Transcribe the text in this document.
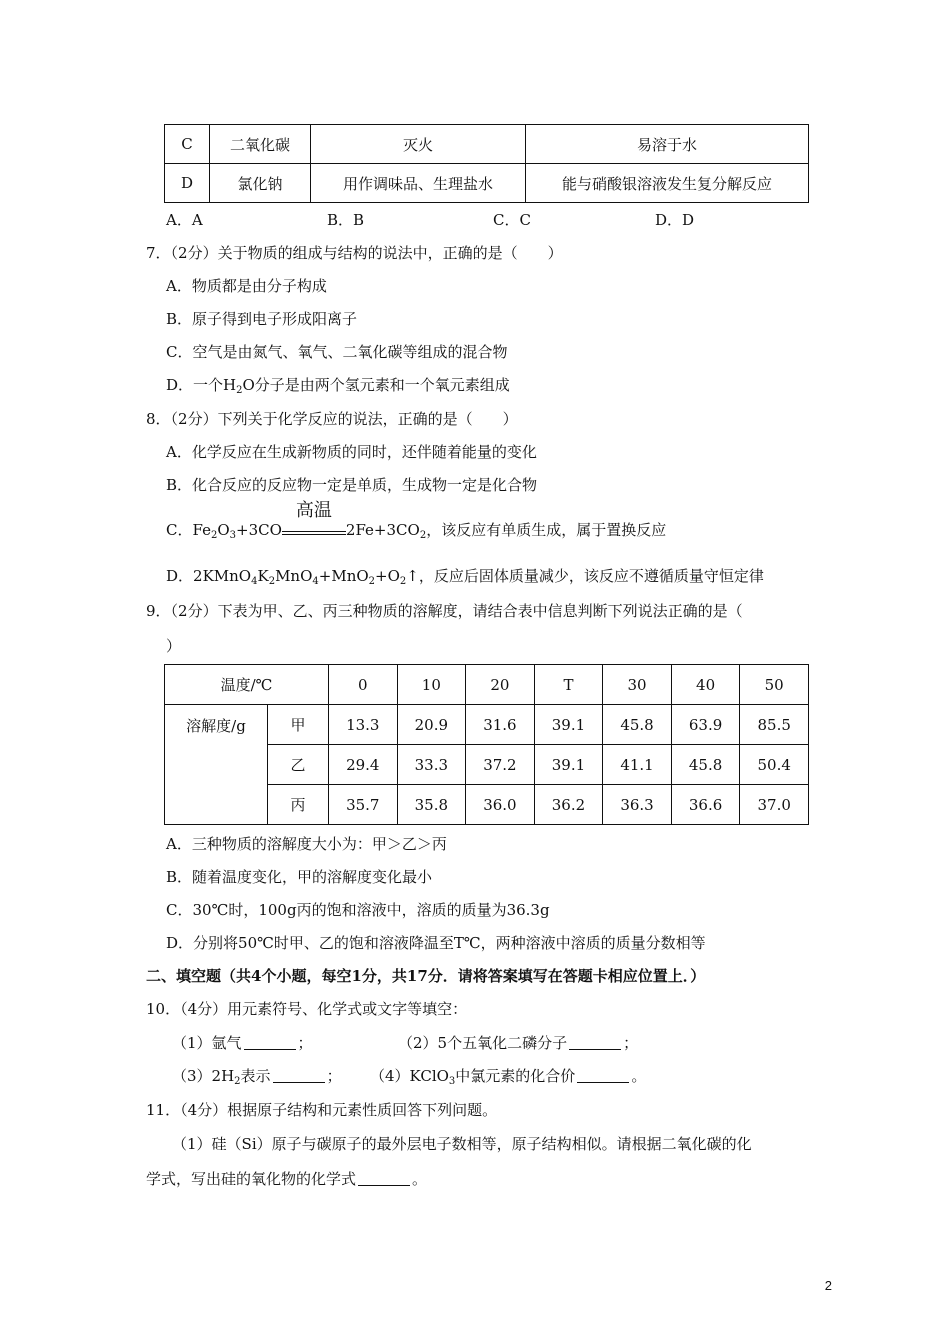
C	二氧化碳	灭火	易溶于水
D	氯化钠	用作调味品、生理盐水	能与硝酸银溶液发生复分解反应
A．A	B．B	C．C	D．D
7．（2分）关于物质的组成与结构的说法中，正确的是（　　）
A．物质都是由分子构成
B．原子得到电子形成阳离子
C．空气是由氮气、氧气、二氧化碳等组成的混合物
D．一个$H_2O$分子是由两个氢元素和一个氧元素组成
8．（2分）下列关于化学反应的说法，正确的是（　　）
A．化学反应在生成新物质的同时，还伴随着能量的变化
B．化合反应的反应物一定是单质，生成物一定是化合物
C．$Fe_2O_3+3CO$
高温
$2Fe+3CO_2$，该反应有单质生成，属于置换反应
D．$2KMnO_4K_2MnO_4+MnO_2+O_2↑$，反应后固体质量减少，该反应不遵循质量守恒定律
9．（2分）下表为甲、乙、丙三种物质的溶解度，请结合表中信息判断下列说法正确的是（
）
温度/℃		0	10	20	T	30	40	50
溶解度/g	甲	13.3	20.9	31.6	39.1	45.8	63.9	85.5
	乙	29.4	33.3	37.2	39.1	41.1	45.8	50.4
	丙	35.7	35.8	36.0	36.2	36.3	36.6	37.0
A．三种物质的溶解度大小为：甲＞乙＞丙
B．随着温度变化，甲的溶解度变化最小
C．30℃时，100g丙的饱和溶液中，溶质的质量为36.3g
D．分别将50℃时甲、乙的饱和溶液降温至T℃，两种溶液中溶质的质量分数相等
二、填空题（共4个小题，每空1分，共17分．请将答案填写在答题卡相应位置上．）
10．（4分）用元素符号、化学式或文字等填空：
（1）氩气	；	（2）5个五氧化二磷分子	；
$(3)2H_2$表示	； （4）KClO$_3$中氯元素的化合价	。
11．（4分）根据原子结构和元素性质回答下列问题。
（1）硅（Si）原子与碳原子的最外层电子数相等，原子结构相似。请根据二氧化碳的化
学式，写出硅的氧化物的化学式	。
2
